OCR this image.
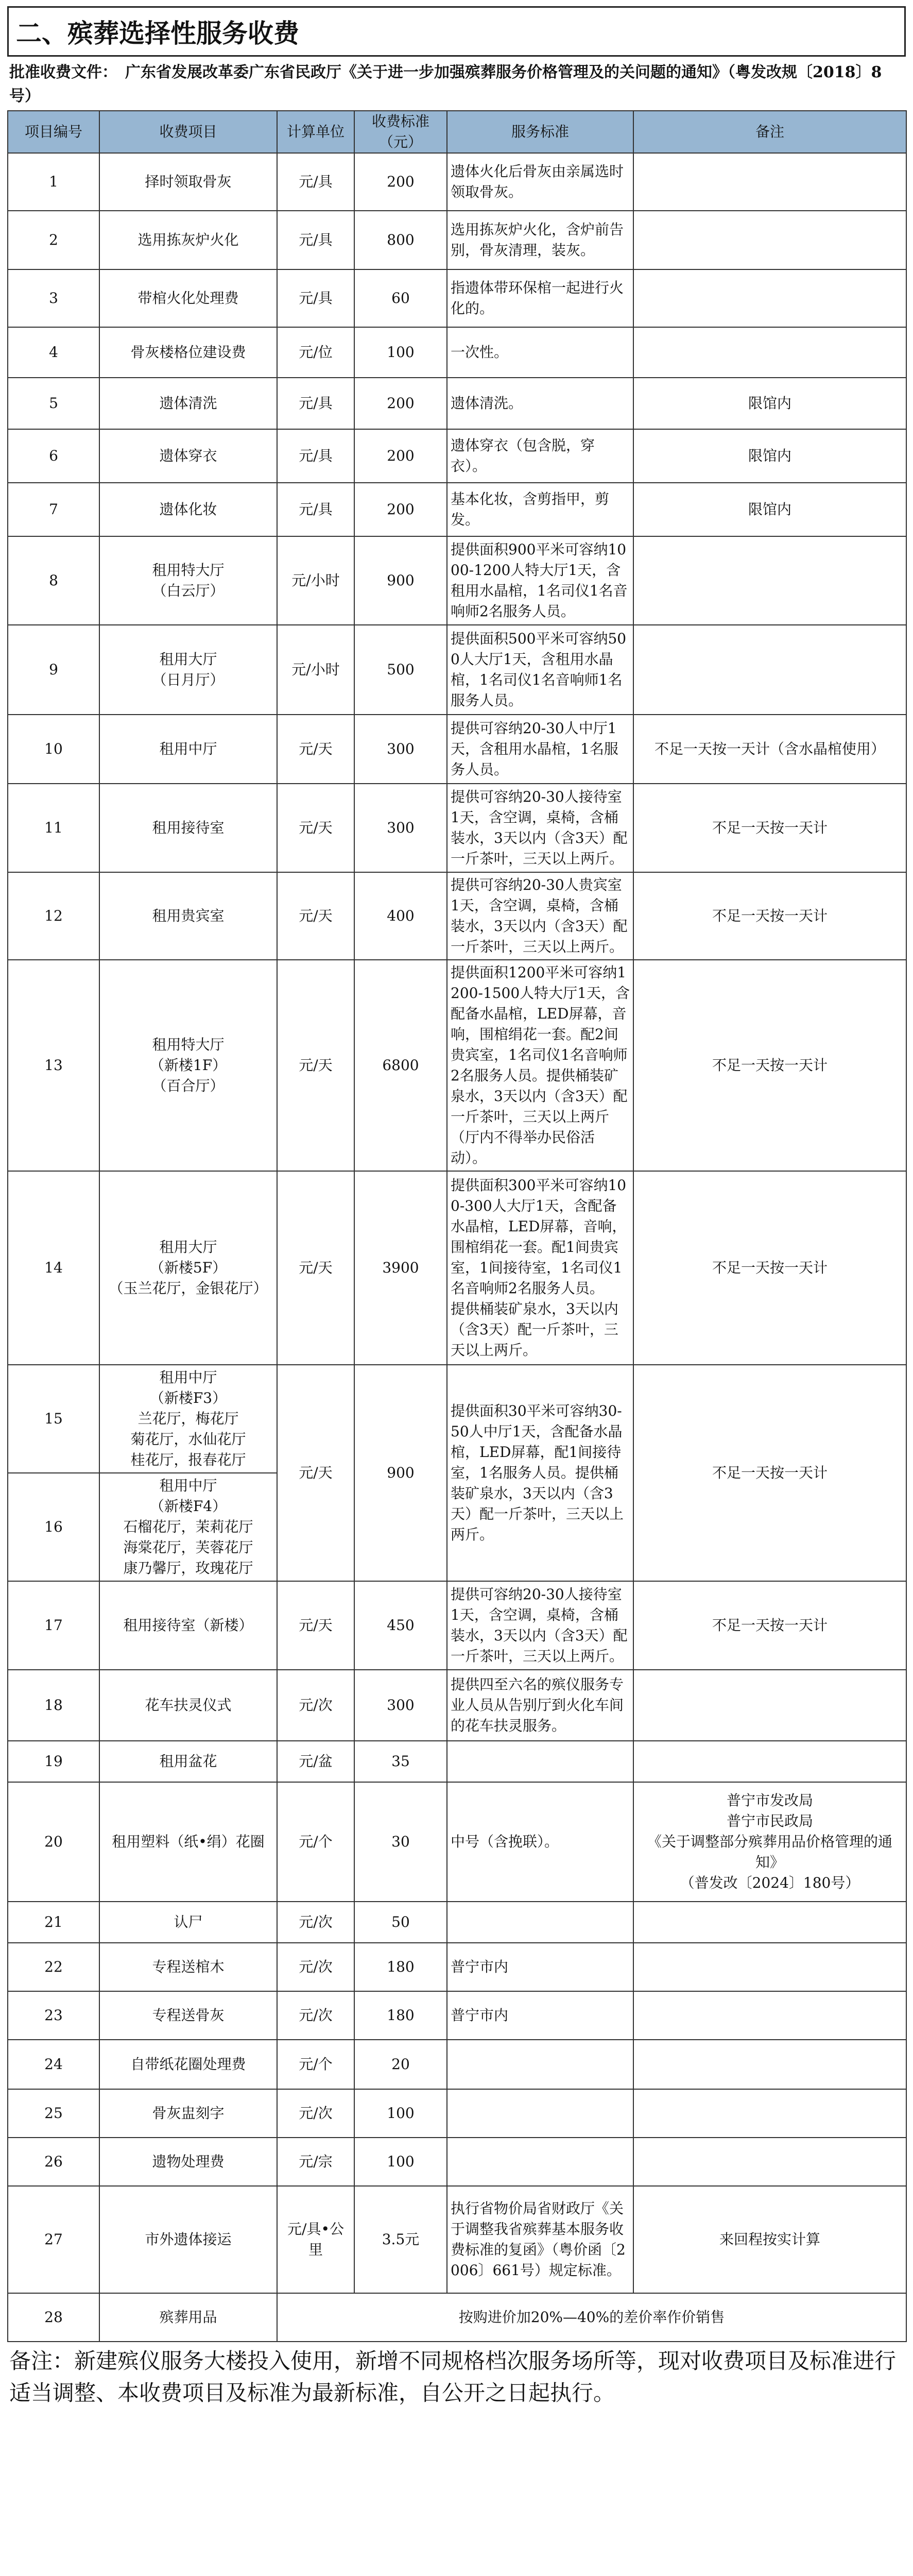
二、殡葬选择性服务收费
批准收费文件：　广东省发展改革委广东省民政厅《关于进一步加强殡葬服务价格管理及的关问题的通知》（粤发改规〔2018〕8号）
项目编号	收费项目	计算单位	收费标准
（元）	服务标准	备注
1	择时领取骨灰	元/具	200	遗体火化后骨灰由亲属选时领取骨灰。	
2	选用拣灰炉火化	元/具	800	选用拣灰炉火化，含炉前告别，骨灰清理，装灰。	
3	带棺火化处理费	元/具	60	指遗体带环保棺一起进行火化的。	
4	骨灰楼格位建设费	元/位	100	一次性。	
5	遗体清洗	元/具	200	遗体清洗。	限馆内
6	遗体穿衣	元/具	200	遗体穿衣（包含脱，穿衣）。	限馆内
7	遗体化妆	元/具	200	基本化妆，含剪指甲，剪发。	限馆内
8	租用特大厅
（白云厅）	元/小时	900	提供面积900平米可容纳1000-1200人特大厅1天，含租用水晶棺，1名司仪1名音响师2名服务人员。	
9	租用大厅
（日月厅）	元/小时	500	提供面积500平米可容纳500人大厅1天，含租用水晶棺，1名司仪1名音响师1名服务人员。	
10	租用中厅	元/天	300	提供可容纳20-30人中厅1天，含租用水晶棺，1名服务人员。	不足一天按一天计（含水晶棺使用）
11	租用接待室	元/天	300	提供可容纳20-30人接待室1天，含空调，桌椅，含桶装水，3天以内（含3天）配一斤茶叶，三天以上两斤。	不足一天按一天计
12	租用贵宾室	元/天	400	提供可容纳20-30人贵宾室1天，含空调，桌椅，含桶装水，3天以内（含3天）配一斤茶叶，三天以上两斤。	不足一天按一天计
13	租用特大厅
（新楼1F）
（百合厅）	元/天	6800	提供面积1200平米可容纳1200-1500人特大厅1天，含配备水晶棺，LED屏幕，音响，围棺绢花一套。配2间贵宾室，1名司仪1名音响师2名服务人员。提供桶装矿泉水，3天以内（含3天）配一斤茶叶，三天以上两斤（厅内不得举办民俗活动）。	不足一天按一天计
14	租用大厅
（新楼5F）
（玉兰花厅，金银花厅）	元/天	3900	提供面积300平米可容纳100-300人大厅1天，含配备水晶棺，LED屏幕，音响，围棺绢花一套。配1间贵宾室，1间接待室，1名司仪1名音响师2名服务人员。
提供桶装矿泉水，3天以内（含3天）配一斤茶叶，三天以上两斤。	不足一天按一天计
15	租用中厅
（新楼F3）
兰花厅，梅花厅
菊花厅，水仙花厅
桂花厅，报春花厅	元/天	900	提供面积30平米可容纳30-50人中厅1天，含配备水晶棺，LED屏幕，配1间接待室，1名服务人员。提供桶装矿泉水，3天以内（含3天）配一斤茶叶，三天以上两斤。	不足一天按一天计
16	租用中厅
（新楼F4）
石榴花厅，茉莉花厅
海棠花厅，芙蓉花厅
康乃馨厅，玫瑰花厅				
17	租用接待室（新楼）	元/天	450	提供可容纳20-30人接待室1天，含空调，桌椅，含桶装水，3天以内（含3天）配一斤茶叶，三天以上两斤。	不足一天按一天计
18	花车扶灵仪式	元/次	300	提供四至六名的殡仪服务专业人员从告别厅到火化车间的花车扶灵服务。	
19	租用盆花	元/盆	35		
20	租用塑料（纸•绢）花圈	元/个	30	中号（含挽联）。	普宁市发改局
普宁市民政局
《关于调整部分殡葬用品价格管理的通知》
（普发改〔2024〕180号）
21	认尸	元/次	50		
22	专程送棺木	元/次	180	普宁市内	
23	专程送骨灰	元/次	180	普宁市内	
24	自带纸花圈处理费	元/个	20		
25	骨灰盅刻字	元/次	100		
26	遗物处理费	元/宗	100		
27	市外遗体接运	元/具•公里	3.5元	执行省物价局省财政厅《关于调整我省殡葬基本服务收费标准的复函》（粤价函〔2006〕661号）规定标准。	来回程按实计算
28	殡葬用品	按购进价加20%—40%的差价率作价销售			
备注：新建殡仪服务大楼投入使用，新增不同规格档次服务场所等，现对收费项目及标准进行适当调整、本收费项目及标准为最新标准，自公开之日起执行。
